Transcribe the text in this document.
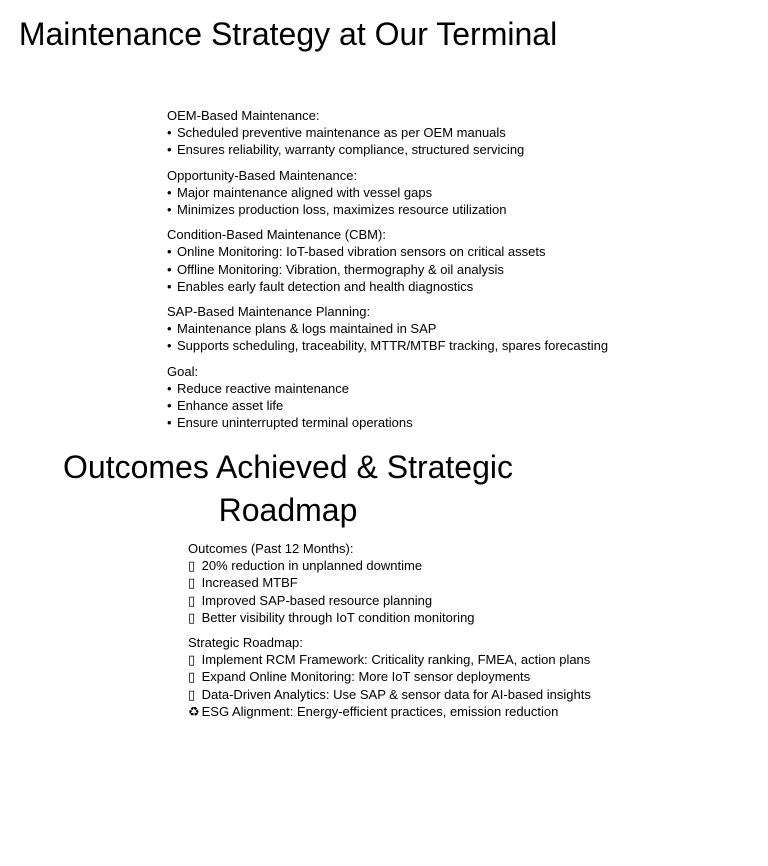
Maintenance Strategy at Our Terminal
OEM-Based Maintenance:
• Scheduled preventive maintenance as per OEM manuals
• Ensures reliability, warranty compliance, structured servicing
Opportunity-Based Maintenance:
• Major maintenance aligned with vessel gaps
• Minimizes production loss, maximizes resource utilization
Condition-Based Maintenance (CBM):
• Online Monitoring: IoT-based vibration sensors on critical assets
• Offline Monitoring: Vibration, thermography & oil analysis
• Enables early fault detection and health diagnostics
SAP-Based Maintenance Planning:
• Maintenance plans & logs maintained in SAP
• Supports scheduling, traceability, MTTR/MTBF tracking, spares forecasting
Goal:
• Reduce reactive maintenance
• Enhance asset life
• Ensure uninterrupted terminal operations
Outcomes Achieved & Strategic Roadmap
Outcomes (Past 12 Months):
▯ 20% reduction in unplanned downtime
▯ Increased MTBF
▯ Improved SAP-based resource planning
▯ Better visibility through IoT condition monitoring
Strategic Roadmap:
▯ Implement RCM Framework: Criticality ranking, FMEA, action plans
▯ Expand Online Monitoring: More IoT sensor deployments
▯ Data-Driven Analytics: Use SAP & sensor data for AI-based insights
♻ ESG Alignment: Energy-efficient practices, emission reduction
